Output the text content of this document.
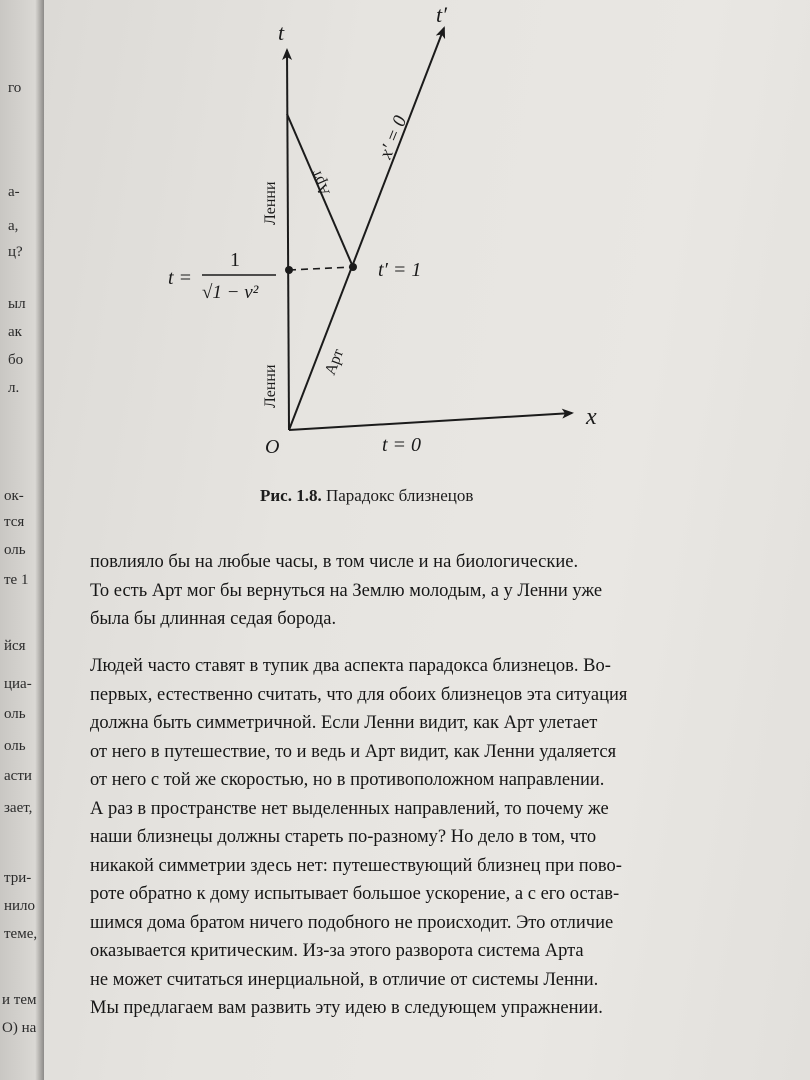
го
а-
а,
ц?
ыл
ак
бо
л.
ок-
тся
оль
те 1
йся
циа-
оль
оль
асти
зает,
три-
нило
теме,
и тем
О) на
t
t′
x
O	t = 0
t′ = 1
x′ = 0
t =
1
√1 − v²
Ленни
Ленни
Арт
Арт
Рис. 1.8. Парадокс близнецов
повлияло бы на любые часы, в том числе и на биологические.
То есть Арт мог бы вернуться на Землю молодым, а у Ленни уже
была бы длинная седая борода.
Людей часто ставят в тупик два аспекта парадокса близнецов. Во-
первых, естественно считать, что для обоих близнецов эта ситуация
должна быть симметричной. Если Ленни видит, как Арт улетает
от него в путешествие, то и ведь и Арт видит, как Ленни удаляется
от него с той же скоростью, но в противоположном направлении.
А раз в пространстве нет выделенных направлений, то почему же
наши близнецы должны стареть по-разному? Но дело в том, что
никакой симметрии здесь нет: путешествующий близнец при пово-
роте обратно к дому испытывает большое ускорение, а с его остав-
шимся дома братом ничего подобного не происходит. Это отличие
оказывается критическим. Из-за этого разворота система Арта
не может считаться инерциальной, в отличие от системы Ленни.
Мы предлагаем вам развить эту идею в следующем упражнении.
